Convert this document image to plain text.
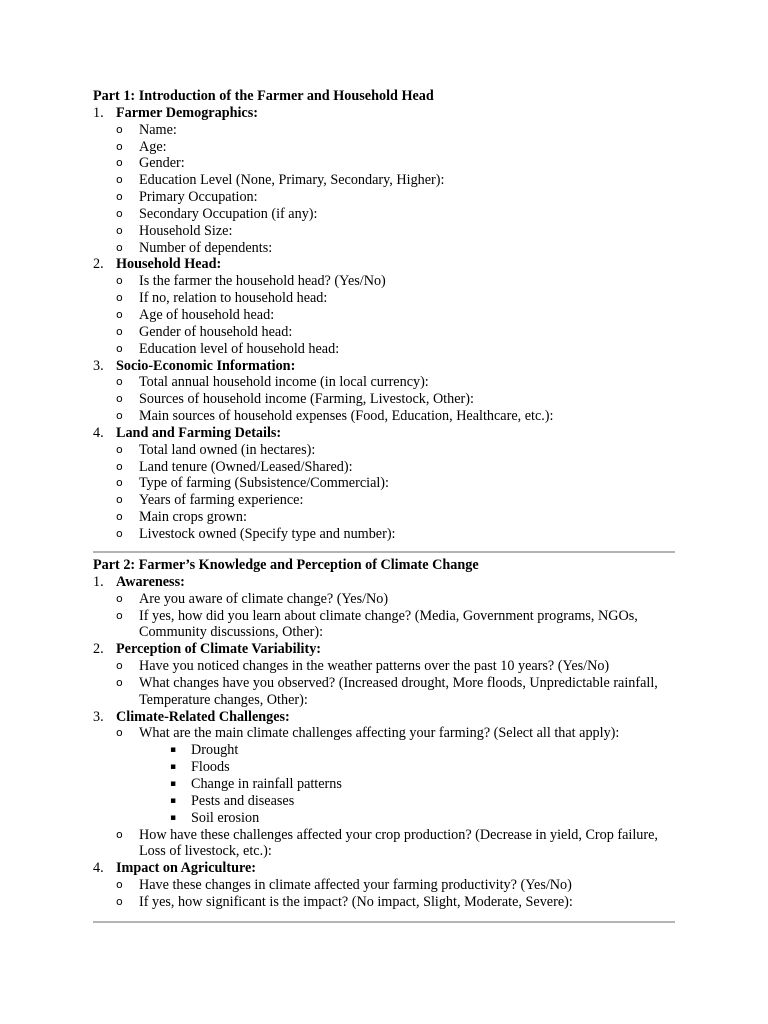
Part 1: Introduction of the Farmer and Household Head
1. Farmer Demographics:
o Name:
o Age:
o Gender:
o Education Level (None, Primary, Secondary, Higher):
o Primary Occupation:
o Secondary Occupation (if any):
o Household Size:
o Number of dependents:
2. Household Head:
o Is the farmer the household head? (Yes/No)
o If no, relation to household head:
o Age of household head:
o Gender of household head:
o Education level of household head:
3. Socio-Economic Information:
o Total annual household income (in local currency):
o Sources of household income (Farming, Livestock, Other):
o Main sources of household expenses (Food, Education, Healthcare, etc.):
4. Land and Farming Details:
o Total land owned (in hectares):
o Land tenure (Owned/Leased/Shared):
o Type of farming (Subsistence/Commercial):
o Years of farming experience:
o Main crops grown:
o Livestock owned (Specify type and number):
Part 2: Farmer’s Knowledge and Perception of Climate Change
1. Awareness:
o Are you aware of climate change? (Yes/No)
o If yes, how did you learn about climate change? (Media, Government programs, NGOs, Community discussions, Other):
2. Perception of Climate Variability:
o Have you noticed changes in the weather patterns over the past 10 years? (Yes/No)
o What changes have you observed? (Increased drought, More floods, Unpredictable rainfall, Temperature changes, Other):
3. Climate-Related Challenges:
o What are the main climate challenges affecting your farming? (Select all that apply):
▪ Drought
▪ Floods
▪ Change in rainfall patterns
▪ Pests and diseases
▪ Soil erosion
o How have these challenges affected your crop production? (Decrease in yield, Crop failure, Loss of livestock, etc.):
4. Impact on Agriculture:
o Have these changes in climate affected your farming productivity? (Yes/No)
o If yes, how significant is the impact? (No impact, Slight, Moderate, Severe):
